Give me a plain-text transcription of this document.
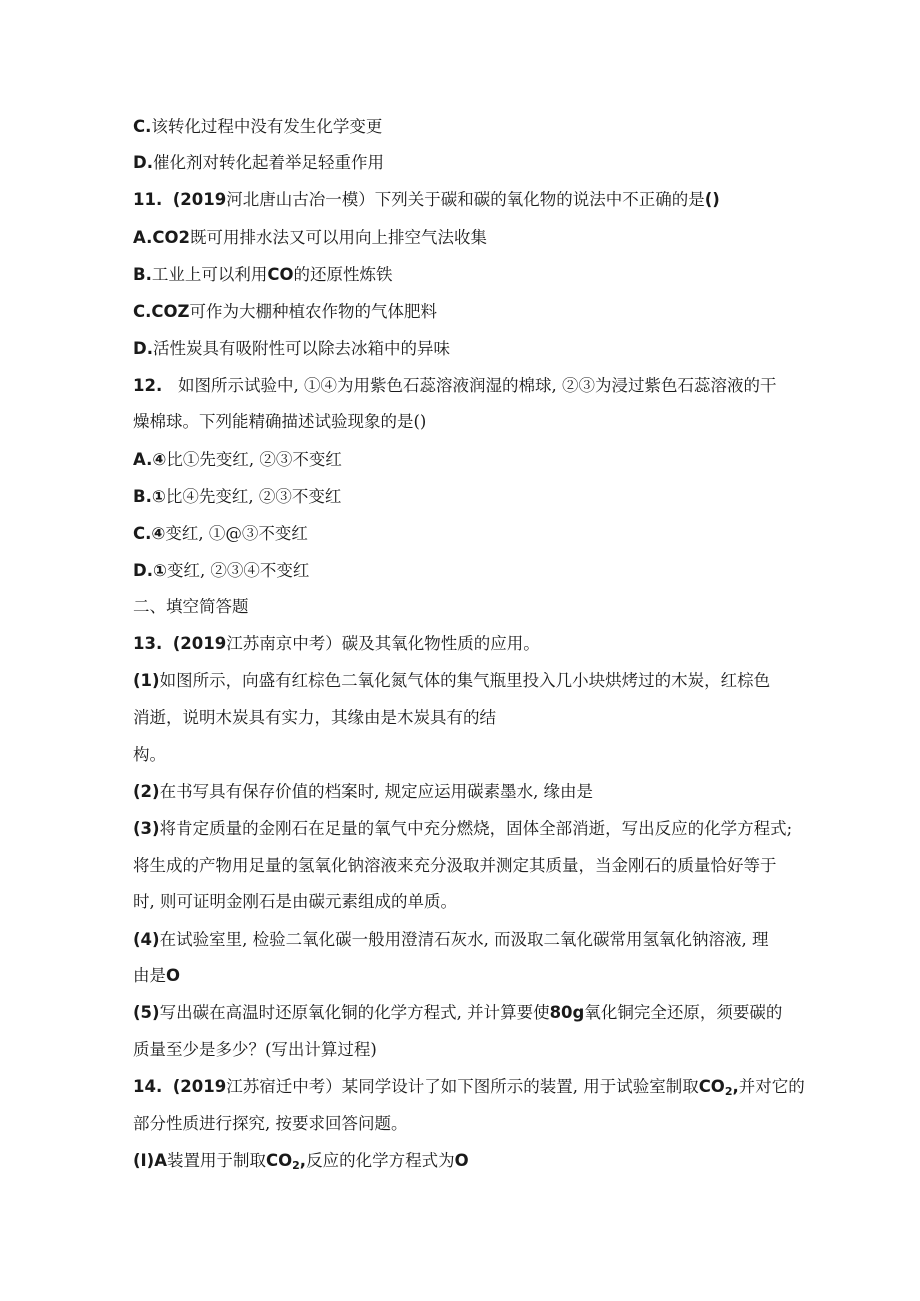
C.该转化过程中没有发生化学变更
D.催化剂对转化起着举足轻重作用
11. (2019河北唐山古冶一模）下列关于碳和碳的氧化物的说法中不正确的是()
A.CO2既可用排水法又可以用向上排空气法收集
B.工业上可以利用CO的还原性炼铁
C.COZ可作为大棚种植农作物的气体肥料
D.活性炭具有吸附性可以除去冰箱中的异味
12. 如图所示试验中, ①④为用紫色石蕊溶液润湿的棉球, ②③为浸过紫色石蕊溶液的干
燥棉球。下列能精确描述试验现象的是()
A.④比①先变红, ②③不变红
B.①比④先变红, ②③不变红
C.④变红, ①@③不变红
D.①变红, ②③④不变红
二、填空简答题
13. (2019江苏南京中考）碳及其氧化物性质的应用。
(1)如图所示，向盛有红棕色二氧化氮气体的集气瓶里投入几小块烘烤过的木炭，红棕色
消逝，说明木炭具有实力，其缘由是木炭具有的结
构。
(2)在书写具有保存价值的档案时, 规定应运用碳素墨水, 缘由是
(3)将肯定质量的金刚石在足量的氧气中充分燃烧，固体全部消逝，写出反应的化学方程式;
将生成的产物用足量的氢氧化钠溶液来充分汲取并测定其质量，当金刚石的质量恰好等于
时, 则可证明金刚石是由碳元素组成的单质。
(4)在试验室里, 检验二氧化碳一般用澄清石灰水, 而汲取二氧化碳常用氢氧化钠溶液, 理
由是O
(5)写出碳在高温时还原氧化铜的化学方程式, 并计算要使80g氧化铜完全还原，须要碳的
质量至少是多少？(写出计算过程)
14. (2019江苏宿迁中考）某同学设计了如下图所示的装置, 用于试验室制取$CO_2$,并对它的
部分性质进行探究, 按要求回答问题。
(I)A装置用于制取$CO_2$,反应的化学方程式为O
